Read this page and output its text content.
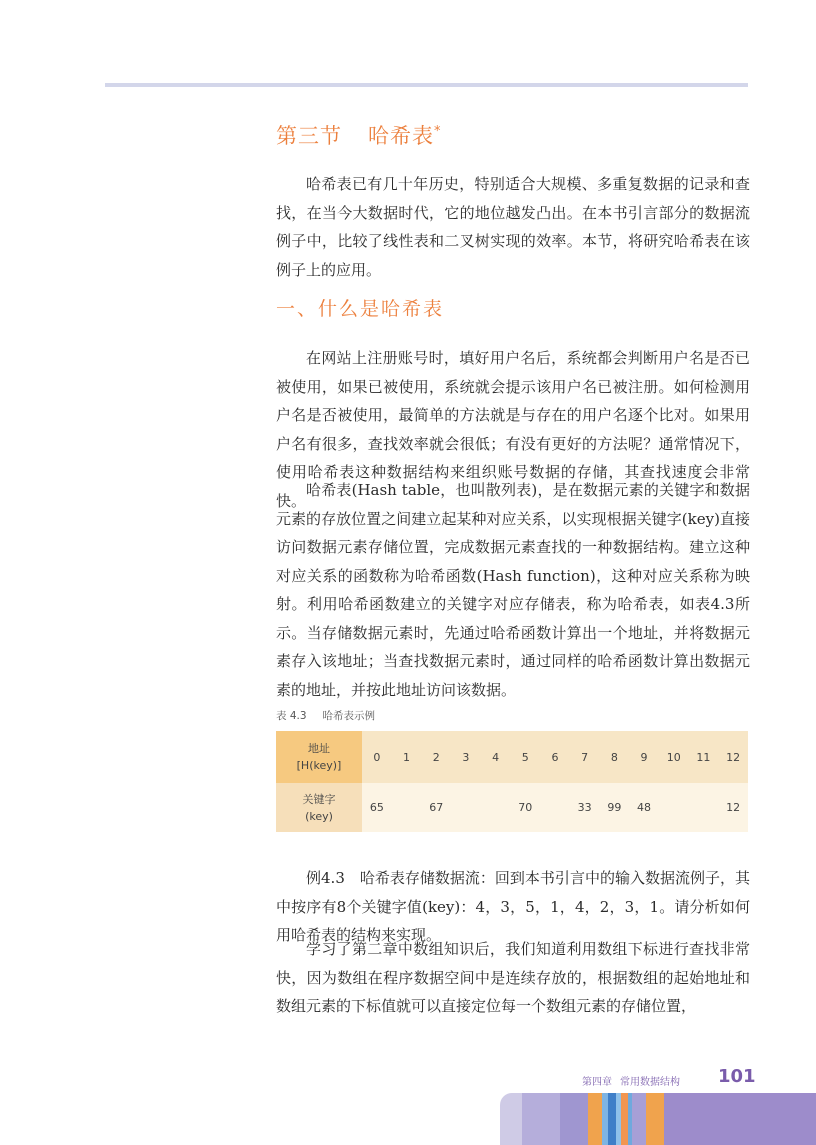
第三节 哈希表*

哈希表已有几十年历史，特别适合大规模、多重复数据的记录和查找，在当今大数据时代，它的地位越发凸出。在本书引言部分的数据流例子中，比较了线性表和二叉树实现的效率。本节，将研究哈希表在该例子上的应用。

一、什么是哈希表

在网站上注册账号时，填好用户名后，系统都会判断用户名是否已被使用，如果已被使用，系统就会提示该用户名已被注册。如何检测用户名是否被使用，最简单的方法就是与存在的用户名逐个比对。如果用户名有很多，查找效率就会很低；有没有更好的方法呢？通常情况下，使用哈希表这种数据结构来组织账号数据的存储，其查找速度会非常快。

哈希表(Hash table，也叫散列表)，是在数据元素的关键字和数据元素的存放位置之间建立起某种对应关系，以实现根据关键字(key)直接访问数据元素存储位置，完成数据元素查找的一种数据结构。建立这种对应关系的函数称为哈希函数(Hash function)，这种对应关系称为映射。利用哈希函数建立的关键字对应存储表，称为哈希表，如表4.3所示。当存储数据元素时，先通过哈希函数计算出一个地址，并将数据元素存入该地址；当查找数据元素时，通过同样的哈希函数计算出数据元素的地址，并按此地址访问该数据。

表 4.3 哈希表示例
地址
[H(key)]	0	1	2	3	4	5	6	7	8	9	10	11	12
关键字
(key)	65		67			70		33	99	48			12

例4.3　哈希表存储数据流：回到本书引言中的输入数据流例子，其中按序有8个关键字值(key)：4，3，5，1，4，2，3，1。请分析如何用哈希表的结构来实现。

学习了第二章中数组知识后，我们知道利用数组下标进行查找非常快，因为数组在程序数据空间中是连续存放的，根据数组的起始地址和数组元素的下标值就可以直接定位每一个数组元素的存储位置，

第四章 常用数据结构 101
